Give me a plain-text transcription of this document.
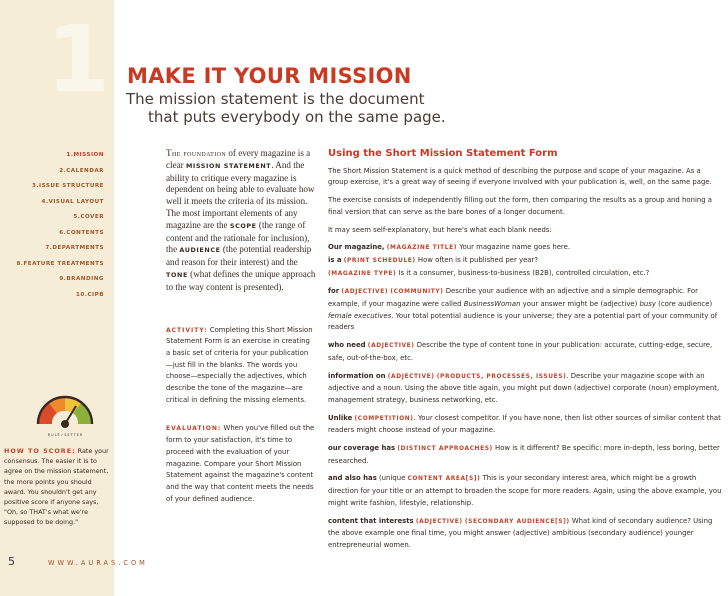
1
1.MISSION
2.CALENDAR
3.ISSUE STRUCTURE
4.VISUAL LAYOUT
5.COVER
6.CONTENTS
7.DEPARTMENTS
8.FEATURE TREATMENTS
9.BRANDING
10.CIPB
R U L E ✓ S E T T E R
HOW TO SCORE: Rate your consensus. The easier it is to agree on the mission statement, the more points you should award. You shouldn't get any positive score if anyone says, "Oh, so THAT's what we're supposed to be doing."
5	WWW.AURAS.COM
MAKE IT YOUR MISSION
The mission statement is the document
that puts everybody on the same page.
The foundation of every magazine is a clear MISSION STATEMENT. And the ability to critique every magazine is dependent on being able to evaluate how well it meets the criteria of its mission. The most important elements of any magazine are the SCOPE (the range of content and the rationale for inclusion), the AUDIENCE (the potential readership and reason for their interest) and the TONE (what defines the unique approach to the way content is presented).
ACTIVITY: Completing this Short Mission Statement Form is an exercise in creating a basic set of criteria for your publication —just fill in the blanks. The words you choose—especially the adjectives, which describe the tone of the magazine—are critical in defining the missing elements.
EVALUATION: When you've filled out the form to your satisfaction, it's time to proceed with the evaluation of your magazine. Compare your Short Mission Statement against the magazine's content and the way that content meets the needs of your defined audience.
Using the Short Mission Statement Form

The Short Mission Statement is a quick method of describing the purpose and scope of your magazine. As a group exercise, it's a great way of seeing if everyone involved with your publication is, well, on the same page.

The exercise consists of independently filling out the form, then comparing the results as a group and honing a final version that can serve as the bare bones of a longer document.

It may seem self-explanatory, but here's what each blank needs:

Our magazine, (MAGAZINE TITLE) Your magazine name goes here.

is a (PRINT SCHEDULE) How often is it published per year?
(MAGAZINE TYPE) Is it a consumer, business-to-business (B2B), controlled circulation, etc.?

for (ADJECTIVE) (COMMUNITY) Describe your audience with an adjective and a simple demographic. For example, if your magazine were called BusinessWoman your answer might be (adjective) busy (core audience) female executives. Your total potential audience is your universe; they are a potential part of your community of readers

who need (ADJECTIVE) Describe the type of content tone in your publication: accurate, cutting-edge, secure, safe, out-of-the-box, etc.

information on (ADJECTIVE) (PRODUCTS, PROCESSES, ISSUES). Describe your magazine scope with an adjective and a noun. Using the above title again, you might put down (adjective) corporate (noun) employment, management strategy, business networking, etc.

Unlike (COMPETITION). Your closest competitor. If you have none, then list other sources of similar content that readers might choose instead of your magazine.

our coverage has (DISTINCT APPROACHES) How is it different? Be specific: more in-depth, less boring, better researched.

and also has (unique CONTENT AREA[S]) This is your secondary interest area, which might be a growth direction for your title or an attempt to broaden the scope for more readers. Again, using the above example, you might write fashion, lifestyle, relationship.

content that interests (ADJECTIVE) (SECONDARY AUDIENCE[S]) What kind of secondary audience? Using the above example one final time, you might answer (adjective) ambitious (secondary audience) younger entrepreneurial women.
